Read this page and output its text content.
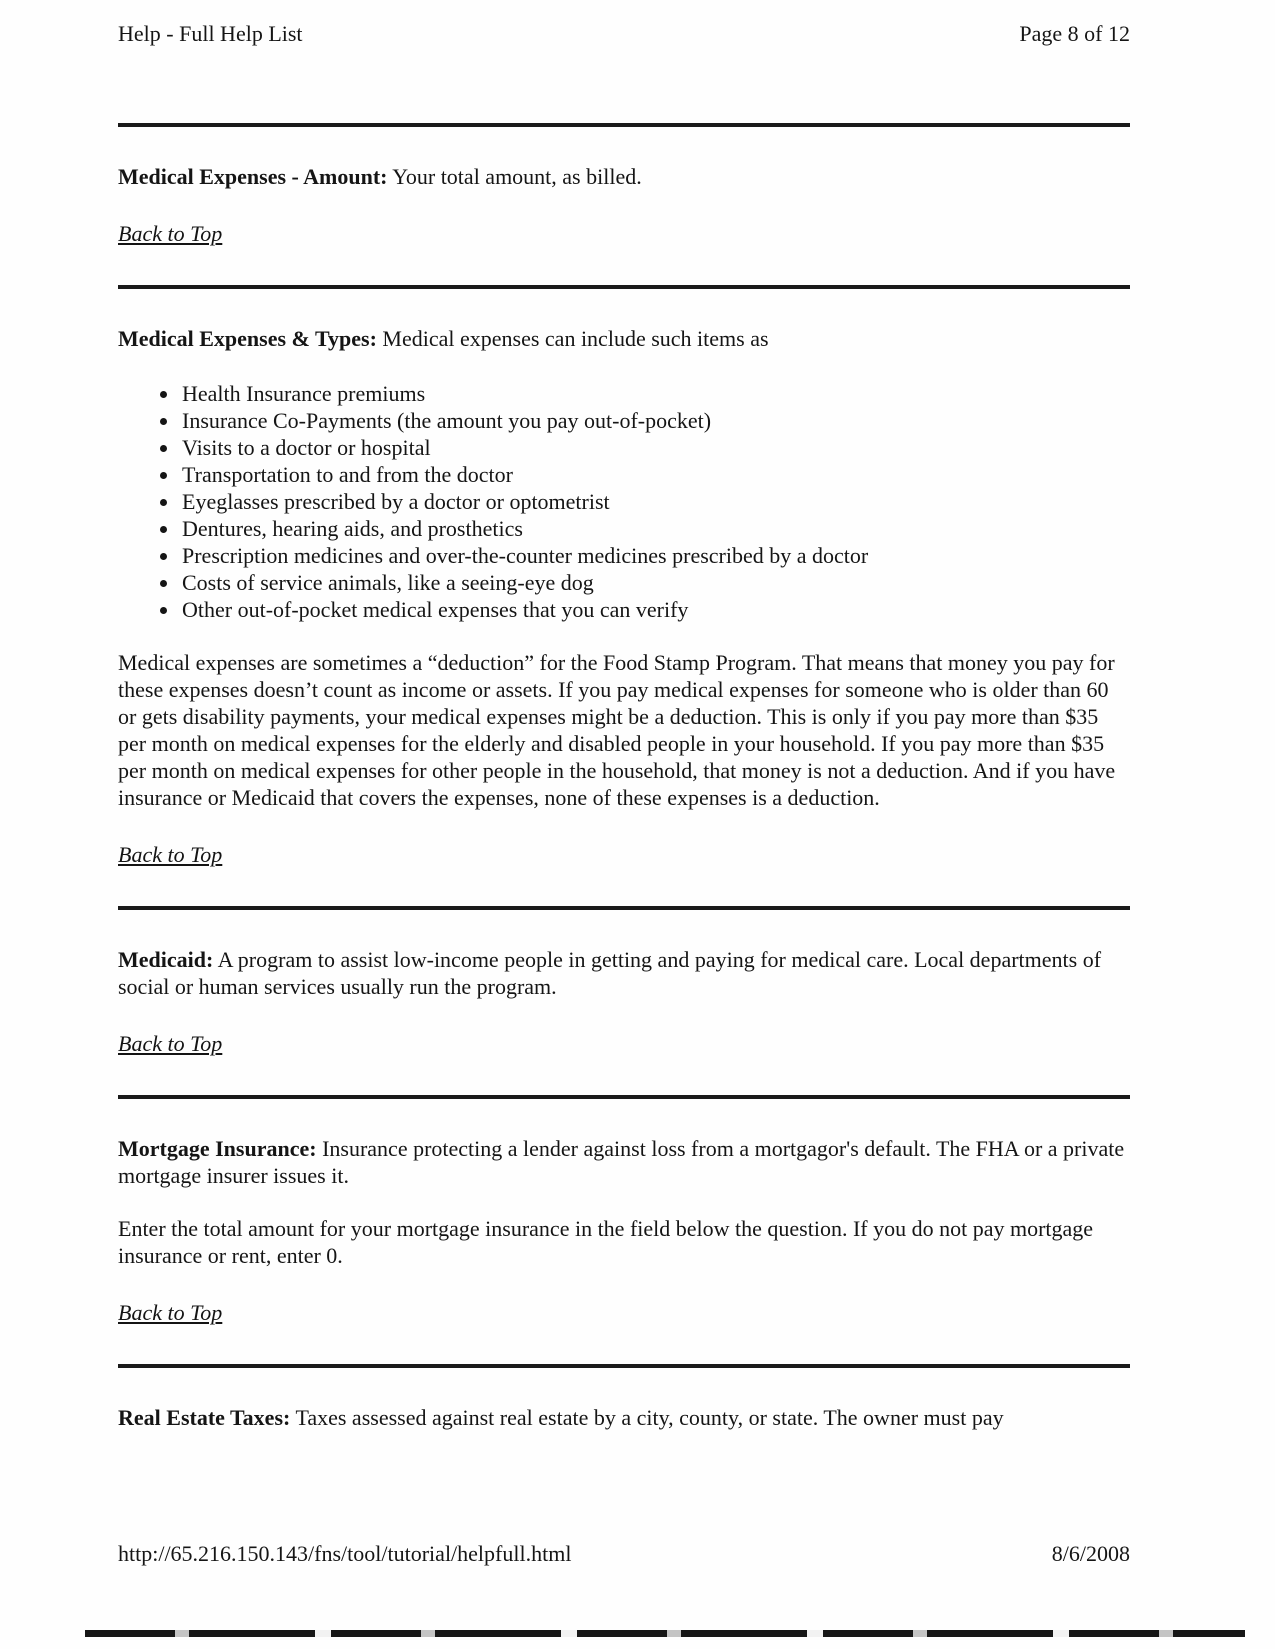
Help - Full Help List	Page 8 of 12

Medical Expenses - Amount: Your total amount, as billed.

Back to Top

Medical Expenses & Types: Medical expenses can include such items as

• Health Insurance premiums
• Insurance Co-Payments (the amount you pay out-of-pocket)
• Visits to a doctor or hospital
• Transportation to and from the doctor
• Eyeglasses prescribed by a doctor or optometrist
• Dentures, hearing aids, and prosthetics
• Prescription medicines and over-the-counter medicines prescribed by a doctor
• Costs of service animals, like a seeing-eye dog
• Other out-of-pocket medical expenses that you can verify

Medical expenses are sometimes a “deduction” for the Food Stamp Program. That means that money you pay for these expenses doesn’t count as income or assets. If you pay medical expenses for someone who is older than 60 or gets disability payments, your medical expenses might be a deduction. This is only if you pay more than $35 per month on medical expenses for the elderly and disabled people in your household. If you pay more than $35 per month on medical expenses for other people in the household, that money is not a deduction. And if you have insurance or Medicaid that covers the expenses, none of these expenses is a deduction.

Back to Top

Medicaid: A program to assist low-income people in getting and paying for medical care. Local departments of social or human services usually run the program.

Back to Top

Mortgage Insurance: Insurance protecting a lender against loss from a mortgagor's default. The FHA or a private mortgage insurer issues it.

Enter the total amount for your mortgage insurance in the field below the question. If you do not pay mortgage insurance or rent, enter 0.

Back to Top

Real Estate Taxes: Taxes assessed against real estate by a city, county, or state. The owner must pay

http://65.216.150.143/fns/tool/tutorial/helpfull.html	8/6/2008
